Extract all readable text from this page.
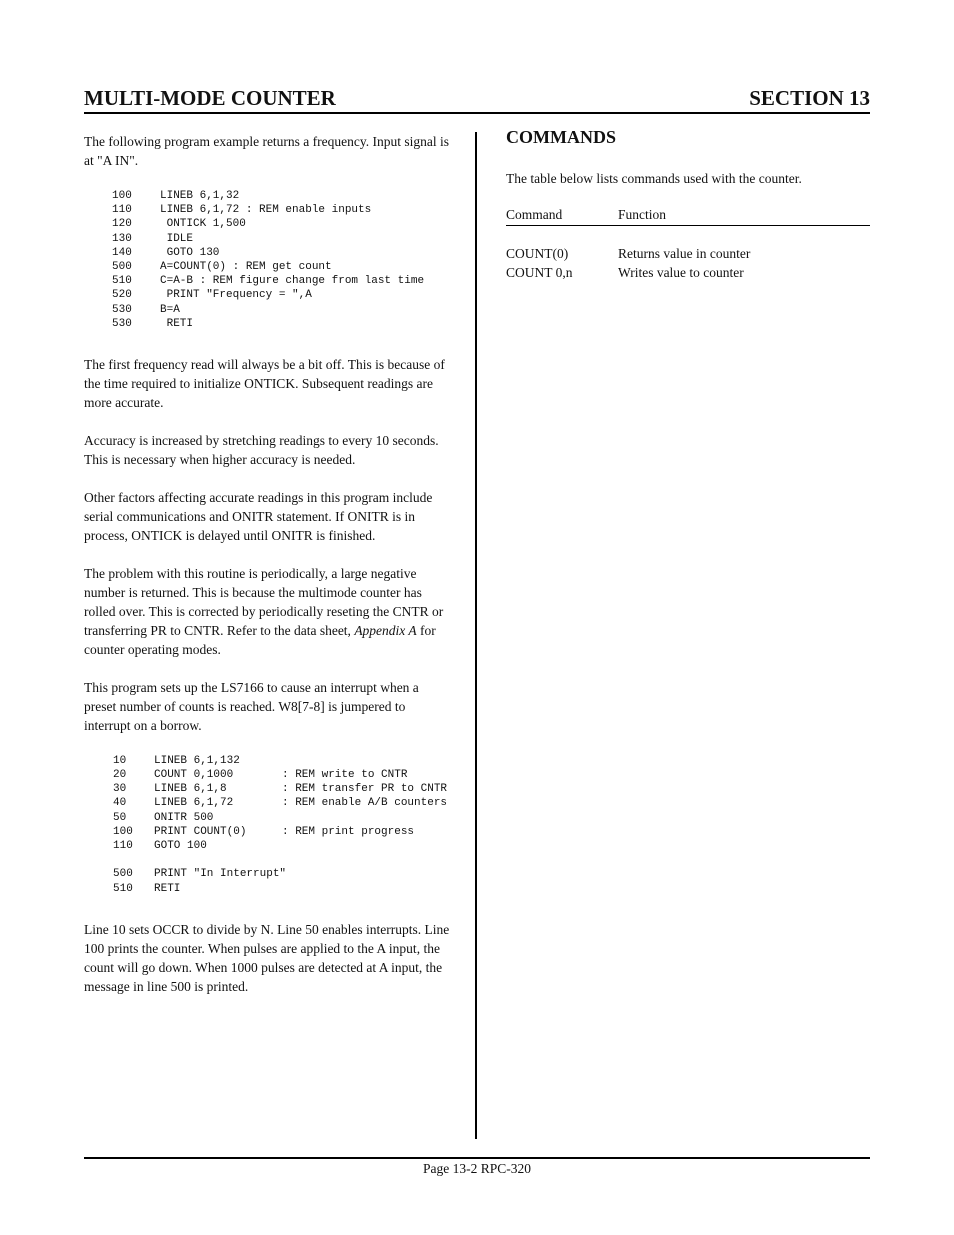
MULTI-MODE COUNTER	SECTION 13

The following program example returns a frequency. Input signal is at "A IN".

100	LINEB 6,1,32
110	LINEB 6,1,72 : REM enable inputs
120	ONTICK 1,500
130	IDLE
140	GOTO 130
500	A=COUNT(0) : REM get count
510	C=A-B : REM figure change from last time
520	PRINT "Frequency = ",A
530	B=A
530	RETI

The first frequency read will always be a bit off. This is because of the time required to initialize ONTICK. Subsequent readings are more accurate.

Accuracy is increased by stretching readings to every 10 seconds. This is necessary when higher accuracy is needed.

Other factors affecting accurate readings in this program include serial communications and ONITR statement. If ONITR is in process, ONTICK is delayed until ONITR is finished.

The problem with this routine is periodically, a large negative number is returned. This is because the multimode counter has rolled over. This is corrected by periodically reseting the CNTR or transferring PR to CNTR. Refer to the data sheet, Appendix A for counter operating modes.

This program sets up the LS7166 to cause an interrupt when a preset number of counts is reached. W8[7-8] is jumpered to interrupt on a borrow.

10	LINEB 6,1,132
20	COUNT 0,1000	: REM write to CNTR
30	LINEB 6,1,8	: REM transfer PR to CNTR
40	LINEB 6,1,72	: REM enable A/B counters
50	ONITR 500
100 PRINT COUNT(0)	: REM print progress
110 GOTO 100
500 PRINT "In Interrupt"
510 RETI

Line 10 sets OCCR to divide by N. Line 50 enables interrupts. Line 100 prints the counter. When pulses are applied to the A input, the count will go down. When 1000 pulses are detected at A input, the message in line 500 is printed.

COMMANDS

The table below lists commands used with the counter.

Command	Function
COUNT(0)	Returns value in counter
COUNT 0,n	Writes value to counter
Page 13-2 RPC-320
